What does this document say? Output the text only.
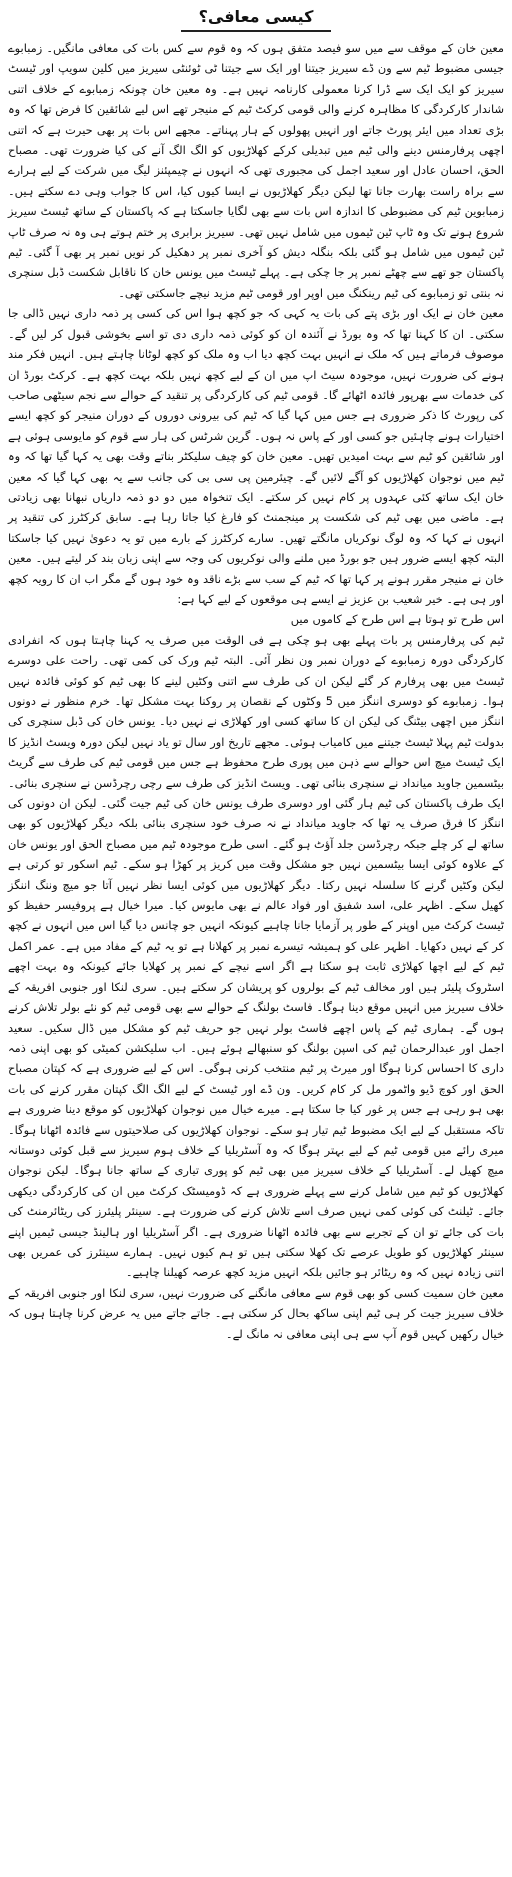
کیسی معافی؟

معین خان کے موقف سے میں سو فیصد متفق ہوں کہ وہ قوم سے کس بات کی معافی مانگیں۔ زمبابوے جیسی مضبوط ٹیم سے ون ڈے سیریز جیتنا اور ایک سے جیتنا ٹی ٹوئنٹی سیریز میں کلین سویپ اور ٹیسٹ سیریز کو ایک ایک سے ڈرا کرنا معمولی کارنامہ نہیں ہے۔ وہ معین خان چونکہ زمبابوے کے خلاف اتنی شاندار کارکردگی کا مظاہرہ کرنے والی قومی کرکٹ ٹیم کے منیجر تھے اس لیے شائقین کا فرض تھا کہ وہ بڑی تعداد میں ایئر پورٹ جاتے اور انہیں پھولوں کے ہار پہناتے۔ مجھے اس بات پر بھی حیرت ہے کہ اتنی اچھی پرفارمنس دینے والی ٹیم میں تبدیلی کرکے کھلاڑیوں کو الگ الگ آنے کی کیا ضرورت تھی۔ مصباح الحق، احسان عادل اور سعید اجمل کی مجبوری تھی کہ انہوں نے چیمپئنز لیگ میں شرکت کے لیے ہرارے سے براہ راست بھارت جانا تھا لیکن دیگر کھلاڑیوں نے ایسا کیوں کیا، اس کا جواب وہی دے سکتے ہیں۔ زمبابوین ٹیم کی مضبوطی کا اندازہ اس بات سے بھی لگایا جاسکتا ہے کہ پاکستان کے ساتھ ٹیسٹ سیریز شروع ہونے تک وہ ٹاپ ٹین ٹیموں میں شامل نہیں تھی۔ سیریز برابری پر ختم ہوتے ہی وہ نہ صرف ٹاپ ٹین ٹیموں میں شامل ہو گئی بلکہ بنگلہ دیش کو آخری نمبر پر دھکیل کر نویں نمبر پر بھی آ گئی۔ ٹیم پاکستان جو تھے سے چھٹے نمبر پر جا چکی ہے۔ پہلے ٹیسٹ میں یونس خان کا ناقابل شکست ڈبل سنچری نہ بنتی تو زمبابوے کی ٹیم رینکنگ میں اوپر اور قومی ٹیم مزید نیچے جاسکتی تھی۔

معین خان نے ایک اور بڑی پتے کی بات یہ کہی کہ جو کچھ ہوا اس کی کسی پر ذمہ داری نہیں ڈالی جا سکتی۔ ان کا کہنا تھا کہ وہ بورڈ نے آئندہ ان کو کوئی ذمہ داری دی تو اسے بخوشی قبول کر لیں گے۔ موصوف فرماتے ہیں کہ ملک نے انہیں بہت کچھ دیا اب وہ ملک کو کچھ لوٹانا چاہتے ہیں۔ انہیں فکر مند ہونے کی ضرورت نہیں، موجودہ سیٹ اپ میں ان کے لیے کچھ نہیں بلکہ بہت کچھ ہے۔ کرکٹ بورڈ ان کی خدمات سے بھرپور فائدہ اٹھائے گا۔ قومی ٹیم کی کارکردگی پر تنقید کے حوالے سے نجم سیٹھی صاحب کی رپورٹ کا ذکر ضروری ہے جس میں کہا گیا کہ ٹیم کی بیرونی دوروں کے دوران منیجر کو کچھ ایسے اختیارات ہونے چاہئیں جو کسی اور کے پاس نہ ہوں۔ گرین شرٹس کی ہار سے قوم کو مایوسی ہوئی ہے اور شائقین کو ٹیم سے بہت امیدیں تھیں۔ معین خان کو چیف سلیکٹر بناتے وقت بھی یہ کہا گیا تھا کہ وہ ٹیم میں نوجوان کھلاڑیوں کو آگے لائیں گے۔ چیئرمین پی سی بی کی جانب سے یہ بھی کہا گیا کہ معین خان ایک ساتھ کئی عہدوں پر کام نہیں کر سکتے۔ ایک تنخواہ میں دو دو ذمہ داریاں نبھانا بھی زیادتی ہے۔ ماضی میں بھی ٹیم کی شکست پر مینجمنٹ کو فارغ کیا جاتا رہا ہے۔ سابق کرکٹرز کی تنقید پر انہوں نے کہا کہ وہ لوگ نوکریاں مانگتے تھیں۔ سارے کرکٹرز کے بارے میں تو یہ دعویٰ نہیں کیا جاسکتا البتہ کچھ ایسے ضرور ہیں جو بورڈ میں ملنے والی نوکریوں کی وجہ سے اپنی زبان بند کر لیتے ہیں۔ معین خان نے منیجر مقرر ہونے پر کہا تھا کہ ٹیم کے سب سے بڑے ناقد وہ خود ہوں گے مگر اب ان کا رویہ کچھ اور ہی ہے۔ خیر شعیب بن عزیز نے ایسے ہی موقعوں کے لیے کہا ہے:

اس طرح تو ہوتا ہے اس طرح کے کاموں میں

ٹیم کی پرفارمنس پر بات پہلے بھی ہو چکی ہے فی الوقت میں صرف یہ کہنا چاہتا ہوں کہ انفرادی کارکردگی دورہ زمبابوے کے دوران نمبر ون نظر آئی۔ البتہ ٹیم ورک کی کمی تھی۔ راحت علی دوسرے ٹیسٹ میں بھی پرفارم کر گئے لیکن ان کی طرف سے اتنی وکٹیں لینے کا بھی ٹیم کو کوئی فائدہ نہیں ہوا۔ زمبابوے کو دوسری اننگز میں 5 وکٹوں کے نقصان پر روکنا بہت مشکل تھا۔ خرم منظور نے دونوں اننگز میں اچھی بیٹنگ کی لیکن ان کا ساتھ کسی اور کھلاڑی نے نہیں دیا۔ یونس خان کی ڈبل سنچری کی بدولت ٹیم پہلا ٹیسٹ جیتنے میں کامیاب ہوئی۔ مجھے تاریخ اور سال تو یاد نہیں لیکن دورہ ویسٹ انڈیز کا ایک ٹیسٹ میچ اس حوالے سے ذہن میں پوری طرح محفوظ ہے جس میں قومی ٹیم کی طرف سے گریٹ بیٹسمین جاوید میانداد نے سنچری بنائی تھی۔ ویسٹ انڈیز کی طرف سے رچی رچرڈسن نے سنچری بنائی۔ ایک طرف پاکستان کی ٹیم ہار گئی اور دوسری طرف یونس خان کی ٹیم جیت گئی۔ لیکن ان دونوں کی اننگز کا فرق صرف یہ تھا کہ جاوید میانداد نے نہ صرف خود سنچری بنائی بلکہ دیگر کھلاڑیوں کو بھی ساتھ لے کر چلے جبکہ رچرڈسن جلد آؤٹ ہو گئے۔ اسی طرح موجودہ ٹیم میں مصباح الحق اور یونس خان کے علاوہ کوئی ایسا بیٹسمین نہیں جو مشکل وقت میں کریز پر کھڑا ہو سکے۔ ٹیم اسکور تو کرتی ہے لیکن وکٹیں گرنے کا سلسلہ نہیں رکتا۔ دیگر کھلاڑیوں میں کوئی ایسا نظر نہیں آتا جو میچ وننگ اننگز کھیل سکے۔ اظہر علی، اسد شفیق اور فواد عالم نے بھی مایوس کیا۔ میرا خیال ہے پروفیسر حفیظ کو ٹیسٹ کرکٹ میں اوپنر کے طور پر آزمایا جانا چاہیے کیونکہ انہیں جو چانس دیا گیا اس میں انہوں نے کچھ کر کے نہیں دکھایا۔ اظہر علی کو ہمیشہ تیسرے نمبر پر کھلانا ہے تو یہ ٹیم کے مفاد میں ہے۔ عمر اکمل ٹیم کے لیے اچھا کھلاڑی ثابت ہو سکتا ہے اگر اسے نیچے کے نمبر پر کھلایا جائے کیونکہ وہ بہت اچھے اسٹروک پلیئر ہیں اور مخالف ٹیم کے بولروں کو پریشان کر سکتے ہیں۔ سری لنکا اور جنوبی افریقہ کے خلاف سیریز میں انہیں موقع دینا ہوگا۔ فاسٹ بولنگ کے حوالے سے بھی قومی ٹیم کو نئے بولر تلاش کرنے ہوں گے۔ ہماری ٹیم کے پاس اچھے فاسٹ بولر نہیں جو حریف ٹیم کو مشکل میں ڈال سکیں۔ سعید اجمل اور عبدالرحمان ٹیم کی اسپن بولنگ کو سنبھالے ہوئے ہیں۔ اب سلیکشن کمیٹی کو بھی اپنی ذمہ داری کا احساس کرنا ہوگا اور میرٹ پر ٹیم منتخب کرنی ہوگی۔ اس کے لیے ضروری ہے کہ کپتان مصباح الحق اور کوچ ڈیو واٹمور مل کر کام کریں۔ ون ڈے اور ٹیسٹ کے لیے الگ الگ کپتان مقرر کرنے کی بات بھی ہو رہی ہے جس پر غور کیا جا سکتا ہے۔ میرے خیال میں نوجوان کھلاڑیوں کو موقع دینا ضروری ہے تاکہ مستقبل کے لیے ایک مضبوط ٹیم تیار ہو سکے۔ نوجوان کھلاڑیوں کی صلاحیتوں سے فائدہ اٹھانا ہوگا۔ میری رائے میں قومی ٹیم کے لیے بہتر ہوگا کہ وہ آسٹریلیا کے خلاف ہوم سیریز سے قبل کوئی دوستانہ میچ کھیل لے۔ آسٹریلیا کے خلاف سیریز میں بھی ٹیم کو پوری تیاری کے ساتھ جانا ہوگا۔ لیکن نوجوان کھلاڑیوں کو ٹیم میں شامل کرنے سے پہلے ضروری ہے کہ ڈومیسٹک کرکٹ میں ان کی کارکردگی دیکھی جائے۔ ٹیلنٹ کی کوئی کمی نہیں صرف اسے تلاش کرنے کی ضرورت ہے۔ سینئر پلیئرز کی ریٹائرمنٹ کی بات کی جائے تو ان کے تجربے سے بھی فائدہ اٹھانا ضروری ہے۔ اگر آسٹریلیا اور ہالینڈ جیسی ٹیمیں اپنے سینئر کھلاڑیوں کو طویل عرصے تک کھلا سکتی ہیں تو ہم کیوں نہیں۔ ہمارے سینئرز کی عمریں بھی اتنی زیادہ نہیں کہ وہ ریٹائر ہو جائیں بلکہ انہیں مزید کچھ عرصہ کھیلنا چاہیے۔

معین خان سمیت کسی کو بھی قوم سے معافی مانگنے کی ضرورت نہیں، سری لنکا اور جنوبی افریقہ کے خلاف سیریز جیت کر ہی ٹیم اپنی ساکھ بحال کر سکتی ہے۔ جاتے جاتے میں یہ عرض کرنا چاہتا ہوں کہ خیال رکھیں کہیں قوم آپ سے ہی اپنی معافی نہ مانگ لے۔
